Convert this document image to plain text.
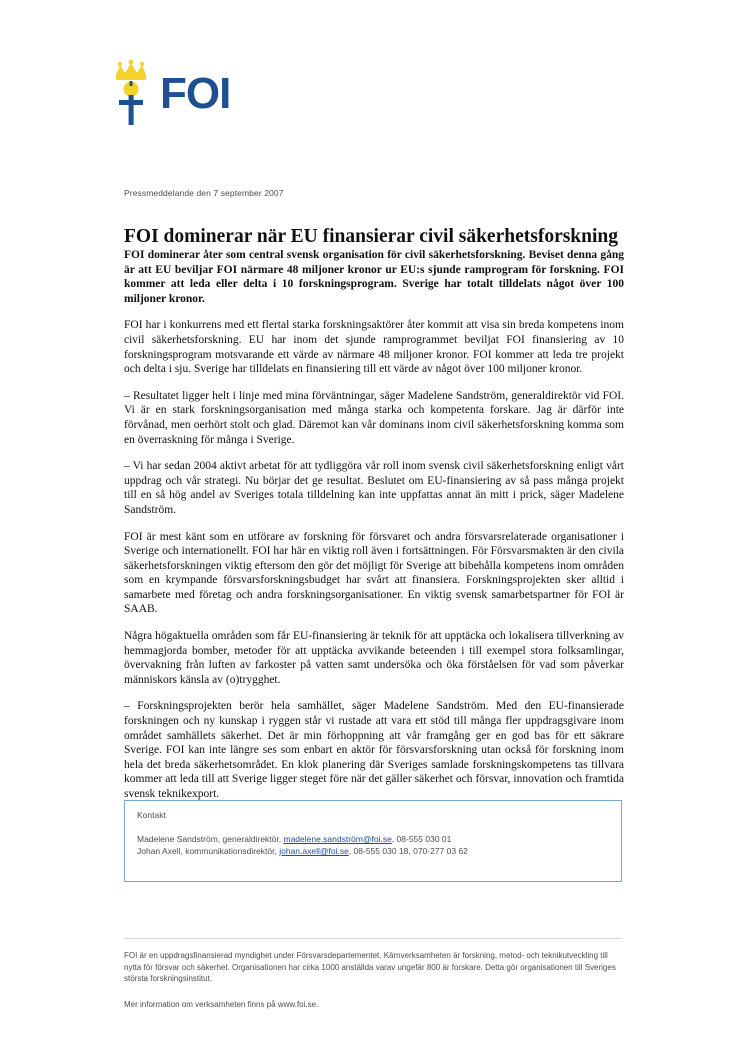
FOI
Pressmeddelande den 7 september 2007
FOI dominerar när EU finansierar civil säkerhetsforskning

FOI dominerar åter som central svensk organisation för civil säkerhetsforskning. Beviset denna gång är att EU beviljar FOI närmare 48 miljoner kronor ur EU:s sjunde ramprogram för forskning. FOI kommer att leda eller delta i 10 forskningsprogram. Sverige har totalt tilldelats något över 100 miljoner kronor.

FOI har i konkurrens med ett flertal starka forskningsaktörer åter kommit att visa sin breda kompetens inom civil säkerhetsforskning. EU har inom det sjunde ramprogrammet beviljat FOI finansiering av 10 forskningsprogram motsvarande ett värde av närmare 48 miljoner kronor. FOI kommer att leda tre projekt och delta i sju. Sverige har tilldelats en finansiering till ett värde av något över 100 miljoner kronor.

– Resultatet ligger helt i linje med mina förväntningar, säger Madelene Sandström, generaldirektör vid FOI. Vi är en stark forskningsorganisation med många starka och kompetenta forskare. Jag är därför inte förvånad, men oerhört stolt och glad. Däremot kan vår dominans inom civil säkerhetsforskning komma som en överraskning för många i Sverige.

– Vi har sedan 2004 aktivt arbetat för att tydliggöra vår roll inom svensk civil säkerhetsforskning enligt vårt uppdrag och vår strategi. Nu börjar det ge resultat. Beslutet om EU-finansiering av så pass många projekt till en så hög andel av Sveriges totala tilldelning kan inte uppfattas annat än mitt i prick, säger Madelene Sandström.

FOI är mest känt som en utförare av forskning för försvaret och andra försvarsrelaterade organisationer i Sverige och internationellt. FOI har här en viktig roll även i fortsättningen. För Försvarsmakten är den civila säkerhetsforskningen viktig eftersom den gör det möjligt för Sverige att bibehålla kompetens inom områden som en krympande försvarsforskningsbudget har svårt att finansiera. Forskningsprojekten sker alltid i samarbete med företag och andra forskningsorganisationer. En viktig svensk samarbetspartner för FOI är SAAB.

Några högaktuella områden som får EU-finansiering är teknik för att upptäcka och lokalisera tillverkning av hemmagjorda bomber, metoder för att upptäcka avvikande beteenden i till exempel stora folksamlingar, övervakning från luften av farkoster på vatten samt undersöka och öka förståelsen för vad som påverkar människors känsla av (o)trygghet.

– Forskningsprojekten berör hela samhället, säger Madelene Sandström. Med den EU-finansierade forskningen och ny kunskap i ryggen står vi rustade att vara ett stöd till många fler uppdragsgivare inom området samhällets säkerhet. Det är min förhoppning att vår framgång ger en god bas för ett säkrare Sverige. FOI kan inte längre ses som enbart en aktör för försvarsforskning utan också för forskning inom hela det breda säkerhetsområdet. En klok planering där Sveriges samlade forskningskompetens tas tillvara kommer att leda till att Sverige ligger steget före när det gäller säkerhet och försvar, innovation och framtida svensk teknikexport.

Kontakt
Madelene Sandström, generaldirektör, madelene.sandström@foi.se, 08-555 030 01
Johan Axell, kommunikationsdirektör, johan.axell@foi.se, 08-555 030 18, 070-277 03 62
FOI är en uppdragsfinansierad myndighet under Försvarsdepartementet. Kärnverksamheten är forskning, metod- och teknikutveckling till nytta för försvar och säkerhet. Organisationen har cirka 1000 anställda varav ungefär 800 är forskare. Detta gör organisationen till Sveriges största forskningsinstitut.
Mer information om verksamheten finns på www.foi.se.
